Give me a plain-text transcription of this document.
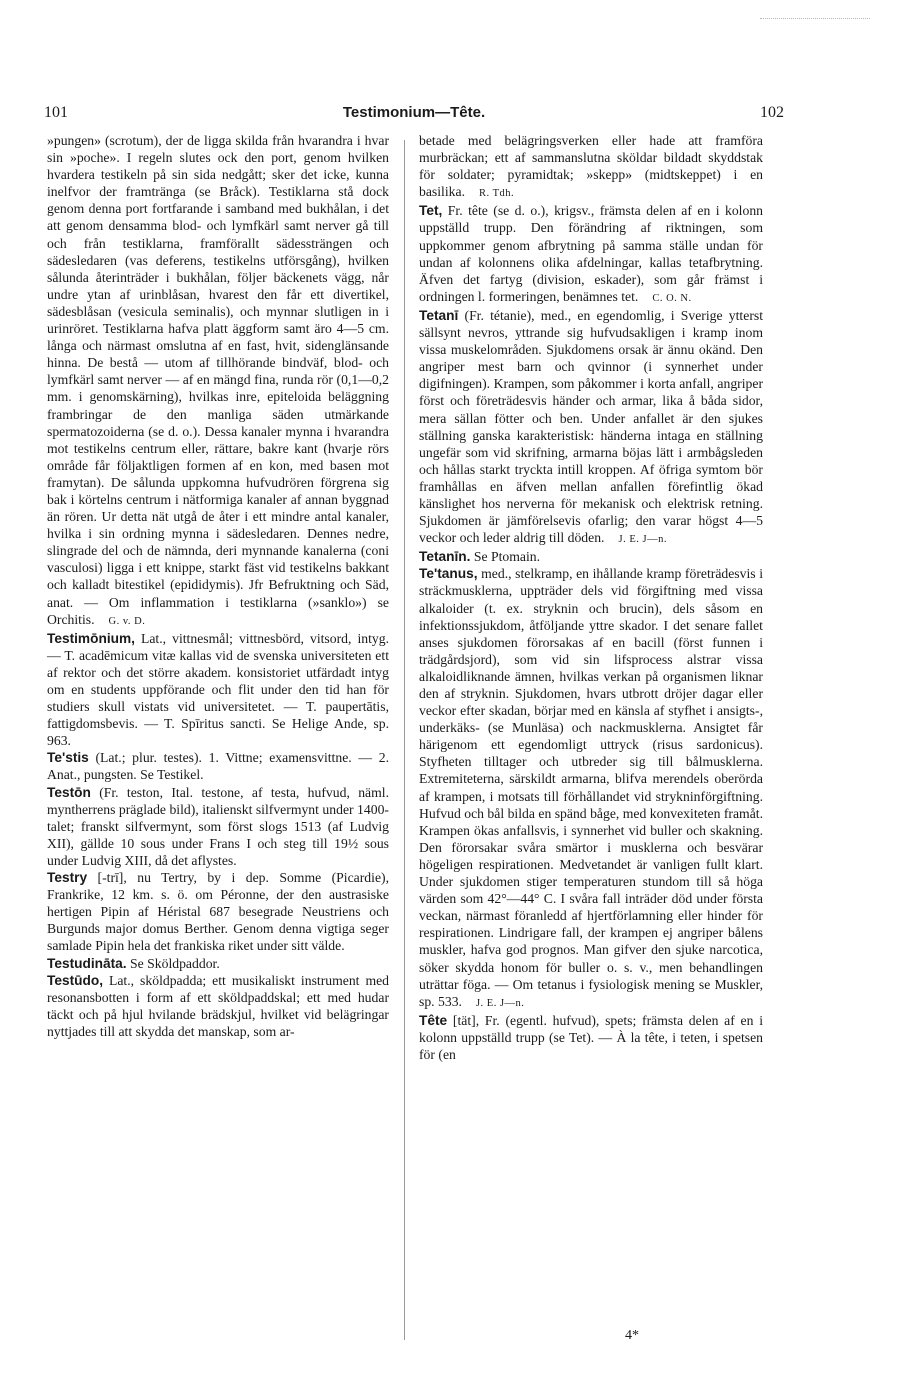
101	Testimonium—Tête.	102

»pungen» (scrotum), der de ligga skilda från hvarandra i hvar sin »poche». I regeln slutes ock den port, genom hvilken hvardera testikeln på sin sida nedgått; sker det icke, kunna inelfvor der framtränga (se Bråck). Testiklarna stå dock genom denna port fortfarande i samband med bukhålan, i det att genom densamma blod- och lymfkärl samt nerver gå till och från testiklarna, framförallt sädessträngen och sädesledaren (vas deferens, testikelns utförsgång), hvilken sålunda återinträder i bukhålan, följer bäckenets vägg, når undre ytan af urinblåsan, hvarest den får ett divertikel, sädesblåsan (vesicula seminalis), och mynnar slutligen in i urinröret. Testiklarna hafva platt äggform samt äro 4—5 cm. långa och närmast omslutna af en fast, hvit, sidenglänsande hinna. De bestå — utom af tillhörande bindväf, blod- och lymfkärl samt nerver — af en mängd fina, runda rör (0,1—0,2 mm. i genomskärning), hvilkas inre, epiteloida beläggning frambringar de den manliga säden utmärkande spermatozoiderna (se d. o.). Dessa kanaler mynna i hvarandra mot testikelns centrum eller, rättare, bakre kant (hvarje rörs område får följaktligen formen af en kon, med basen mot framytan). De sålunda uppkomna hufvudrören förgrena sig bak i körtelns centrum i nätformiga kanaler af annan byggnad än rören. Ur detta nät utgå de åter i ett mindre antal kanaler, hvilka i sin ordning mynna i sädesledaren. Dennes nedre, slingrade del och de nämnda, deri mynnande kanalerna (coni vasculosi) ligga i ett knippe, starkt fäst vid testikelns bakkant och kalladt bitestikel (epididymis). Jfr Befruktning och Säd, anat. — Om inflammation i testiklarna (»sanklo») se Orchitis. G. v. D.

Testimōnium, Lat., vittnesmål; vittnesbörd, vitsord, intyg. — T. acadēmicum vitæ kallas vid de svenska universiteten ett af rektor och det större akadem. konsistoriet utfärdadt intyg om en students uppförande och flit under den tid han för studiers skull vistats vid universitetet. — T. paupertātis, fattigdomsbevis. — T. Spīritus sancti. Se Helige Ande, sp. 963.

Te'stis (Lat.; plur. testes). 1. Vittne; examensvittne. — 2. Anat., pungsten. Se Testikel.

Testōn (Fr. teston, Ital. testone, af testa, hufvud, näml. myntherrens präglade bild), italienskt silfvermynt under 1400-talet; franskt silfvermynt, som först slogs 1513 (af Ludvig XII), gällde 10 sous under Frans I och steg till 19½ sous under Ludvig XIII, då det aflystes.

Testry [-trī], nu Tertry, by i dep. Somme (Picardie), Frankrike, 12 km. s. ö. om Péronne, der den austrasiske hertigen Pipin af Héristal 687 besegrade Neustriens och Burgunds major domus Berther. Genom denna vigtiga seger samlade Pipin hela det frankiska riket under sitt välde.

Testudināta. Se Sköldpaddor.

Testūdo, Lat., sköldpadda; ett musikaliskt instrument med resonansbotten i form af ett sköldpaddskal; ett med hudar täckt och på hjul hvilande brädskjul, hvilket vid belägringar nyttjades till att skydda det manskap, som ar-

betade med belägringsverken eller hade att framföra murbräckan; ett af sammanslutna sköldar bildadt skyddstak för soldater; pyramidtak; »skepp» (midtskeppet) i en basilika. R. Tdh.

Tet, Fr. tête (se d. o.), krigsv., främsta delen af en i kolonn uppställd trupp. Den förändring af riktningen, som uppkommer genom afbrytning på samma ställe undan för undan af kolonnens olika afdelningar, kallas tetafbrytning. Äfven det fartyg (division, eskader), som går främst i ordningen l. formeringen, benämnes tet. C. O. N.

Tetanī (Fr. tétanie), med., en egendomlig, i Sverige ytterst sällsynt nevros, yttrande sig hufvudsakligen i kramp inom vissa muskelområden. Sjukdomens orsak är ännu okänd. Den angriper mest barn och qvinnor (i synnerhet under digifningen). Krampen, som påkommer i korta anfall, angriper först och företrädesvis händer och armar, lika å båda sidor, mera sällan fötter och ben. Under anfallet är den sjukes ställning ganska karakteristisk: händerna intaga en ställning ungefär som vid skrifning, armarna böjas lätt i armbågsleden och hållas starkt tryckta intill kroppen. Af öfriga symtom bör framhållas en äfven mellan anfallen förefintlig ökad känslighet hos nerverna för mekanisk och elektrisk retning. Sjukdomen är jämförelsevis ofarlig; den varar högst 4—5 veckor och leder aldrig till döden. J. E. J—n.

Tetanīn. Se Ptomain.

Te'tanus, med., stelkramp, en ihållande kramp företrädesvis i sträckmusklerna, uppträder dels vid förgiftning med vissa alkaloider (t. ex. stryknin och brucin), dels såsom en infektionssjukdom, åtföljande yttre skador. I det senare fallet anses sjukdomen förorsakas af en bacill (först funnen i trädgårdsjord), som vid sin lifsprocess alstrar vissa alkaloidliknande ämnen, hvilkas verkan på organismen liknar den af stryknin. Sjukdomen, hvars utbrott dröjer dagar eller veckor efter skadan, börjar med en känsla af styfhet i ansigts-, underkäks- (se Munläsa) och nackmusklerna. Ansigtet får härigenom ett egendomligt uttryck (risus sardonicus). Styfheten tilltager och utbreder sig till bålmusklerna. Extremiteterna, särskildt armarna, blifva merendels oberörda af krampen, i motsats till förhållandet vid strykninförgiftning. Hufvud och bål bilda en spänd båge, med konvexiteten framåt. Krampen ökas anfallsvis, i synnerhet vid buller och skakning. Den förorsakar svåra smärtor i musklerna och besvärar högeligen respirationen. Medvetandet är vanligen fullt klart. Under sjukdomen stiger temperaturen stundom till så höga värden som 42°—44° C. I svåra fall inträder död under första veckan, närmast föranledd af hjertförlamning eller hinder för respirationen. Lindrigare fall, der krampen ej angriper bålens muskler, hafva god prognos. Man gifver den sjuke narcotica, söker skydda honom för buller o. s. v., men behandlingen uträttar föga. — Om tetanus i fysiologisk mening se Muskler, sp. 533. J. E. J—n.

Tête [tät], Fr. (egentl. hufvud), spets; främsta delen af en i kolonn uppställd trupp (se Tet). — À la tête, i teten, i spetsen för (en

4*
